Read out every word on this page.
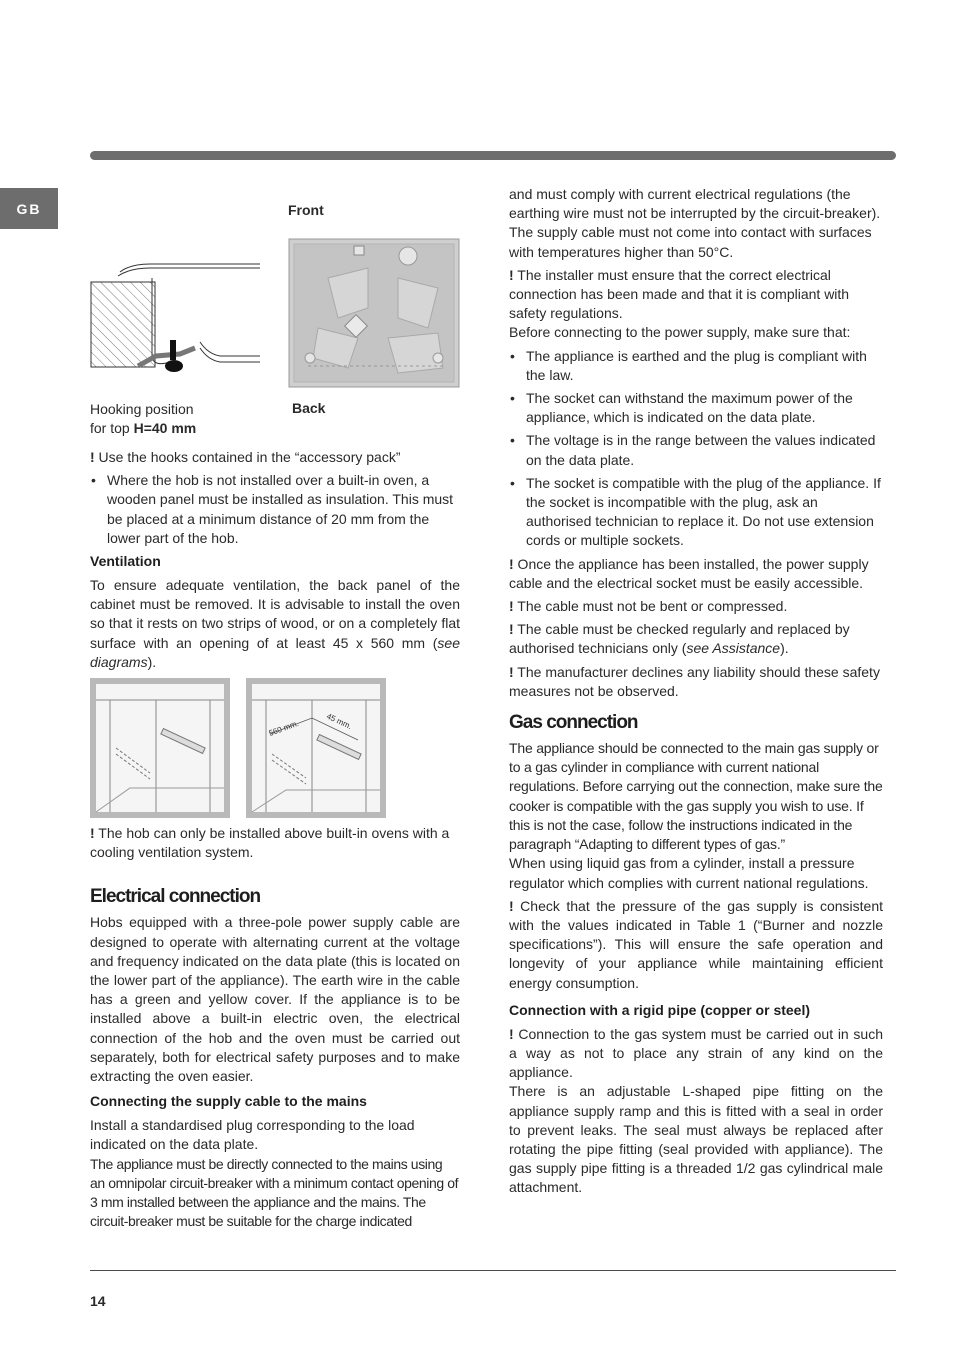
GB	Front
Hooking position
for top H=40 mm
Back

! Use the hooks contained in the “accessory pack”

• Where the hob is not installed over a built-in oven, a wooden panel must be installed as insulation. This must be placed at a minimum distance of 20 mm from the lower part of the hob.
Ventilation

To ensure adequate ventilation, the back panel of the cabinet must be removed. It is advisable to install the oven so that it rests on two strips of wood, or on a completely flat surface with an opening of at least 45 x 560 mm (see diagrams).

560 mm.	45 mm.

! The hob can only be installed above built-in ovens with a cooling ventilation system.

Electrical connection

Hobs equipped with a three-pole power supply cable are designed to operate with alternating current at the voltage and frequency indicated on the data plate (this is located on the lower part of the appliance). The earth wire in the cable has a green and yellow cover. If the appliance is to be installed above a built-in electric oven, the electrical connection of the hob and the oven must be carried out separately, both for electrical safety purposes and to make extracting the oven easier.

Connecting the supply cable to the mains

Install a standardised plug corresponding to the load indicated on the data plate.

The appliance must be directly connected to the mains using an omnipolar circuit-breaker with a minimum contact opening of 3 mm installed between the appliance and the mains. The circuit-breaker must be suitable for the charge indicated

and must comply with current electrical regulations (the earthing wire must not be interrupted by the circuit-breaker). The supply cable must not come into contact with surfaces with temperatures higher than 50°C.

! The installer must ensure that the correct electrical connection has been made and that it is compliant with safety regulations.

Before connecting to the power supply, make sure that:

• The appliance is earthed and the plug is compliant with the law.
• The socket can withstand the maximum power of the appliance, which is indicated on the data plate.
• The voltage is in the range between the values indicated on the data plate.
• The socket is compatible with the plug of the appliance. If the socket is incompatible with the plug, ask an authorised technician to replace it. Do not use extension cords or multiple sockets.

! Once the appliance has been installed, the power supply cable and the electrical socket must be easily accessible.

! The cable must not be bent or compressed.

! The cable must be checked regularly and replaced by authorised technicians only (see Assistance).

! The manufacturer declines any liability should these safety measures not be observed.

Gas connection

The appliance should be connected to the main gas supply or to a gas cylinder in compliance with current national regulations. Before carrying out the connection, make sure the cooker is compatible with the gas supply you wish to use. If this is not the case, follow the instructions indicated in the paragraph “Adapting to different types of gas.”

When using liquid gas from a cylinder, install a pressure regulator which complies with current national regulations.

! Check that the pressure of the gas supply is consistent with the values indicated in Table 1 (“Burner and nozzle specifications”). This will ensure the safe operation and longevity of your appliance while maintaining efficient energy consumption.

Connection with a rigid pipe (copper or steel)

! Connection to the gas system must be carried out in such a way as not to place any strain of any kind on the appliance.

There is an adjustable L-shaped pipe fitting on the appliance supply ramp and this is fitted with a seal in order to prevent leaks. The seal must always be replaced after rotating the pipe fitting (seal provided with appliance). The gas supply pipe fitting is a threaded 1/2 gas cylindrical male attachment.

14
